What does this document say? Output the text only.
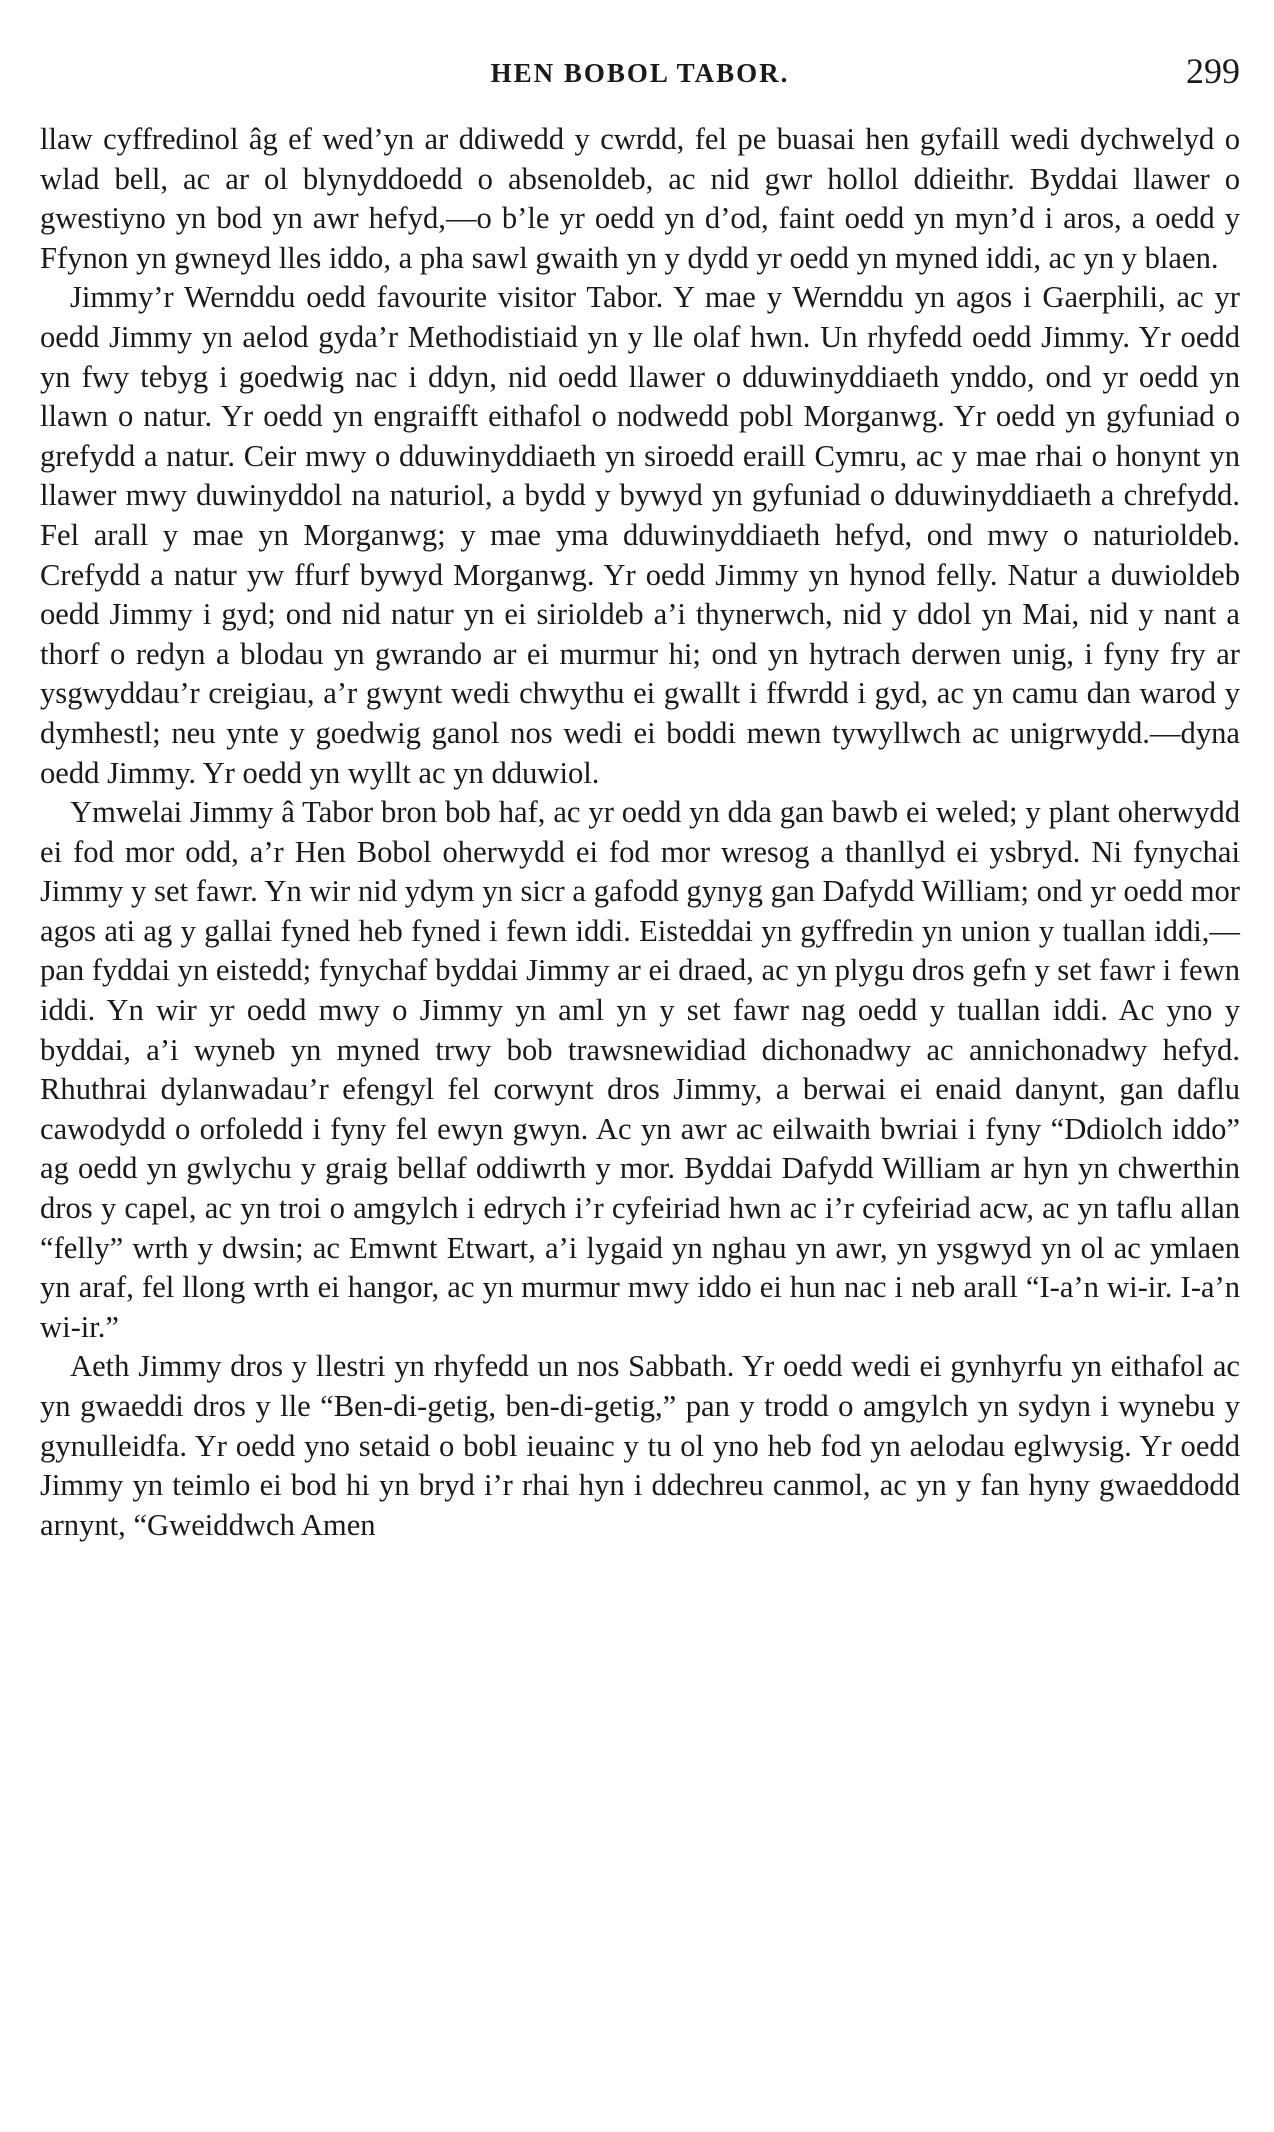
HEN BOBOL TABOR.	299

llaw cyffredinol âg ef wed’yn ar ddiwedd y cwrdd, fel pe buasai hen gyfaill wedi dychwelyd o wlad bell, ac ar ol blynyddoedd o absenoldeb, ac nid gwr hollol ddieithr. Byddai llawer o gwestiyno yn bod yn awr hefyd,—o b’le yr oedd yn d’od, faint oedd yn myn’d i aros, a oedd y Ffynon yn gwneyd lles iddo, a pha sawl gwaith yn y dydd yr oedd yn myned iddi, ac yn y blaen.

Jimmy’r Wernddu oedd favourite visitor Tabor. Y mae y Wernddu yn agos i Gaerphili, ac yr oedd Jimmy yn aelod gyda’r Methodistiaid yn y lle olaf hwn. Un rhyfedd oedd Jimmy. Yr oedd yn fwy tebyg i goedwig nac i ddyn, nid oedd llawer o dduwinyddiaeth ynddo, ond yr oedd yn llawn o natur. Yr oedd yn engraifft eithafol o nodwedd pobl Morganwg. Yr oedd yn gyfuniad o grefydd a natur. Ceir mwy o dduwinyddiaeth yn siroedd eraill Cymru, ac y mae rhai o honynt yn llawer mwy duwinyddol na naturiol, a bydd y bywyd yn gyfuniad o dduwinyddiaeth a chrefydd. Fel arall y mae yn Morganwg; y mae yma dduwinyddiaeth hefyd, ond mwy o naturioldeb. Crefydd a natur yw ffurf bywyd Morganwg. Yr oedd Jimmy yn hynod felly. Natur a duwioldeb oedd Jimmy i gyd; ond nid natur yn ei sirioldeb a’i thynerwch, nid y ddol yn Mai, nid y nant a thorf o redyn a blodau yn gwrando ar ei murmur hi; ond yn hytrach derwen unig, i fyny fry ar ysgwyddau’r creigiau, a’r gwynt wedi chwythu ei gwallt i ffwrdd i gyd, ac yn camu dan warod y dymhestl; neu ynte y goedwig ganol nos wedi ei boddi mewn tywyllwch ac unigrwydd.—dyna oedd Jimmy. Yr oedd yn wyllt ac yn dduwiol.

Ymwelai Jimmy â Tabor bron bob haf, ac yr oedd yn dda gan bawb ei weled; y plant oherwydd ei fod mor odd, a’r Hen Bobol oherwydd ei fod mor wresog a thanllyd ei ysbryd. Ni fynychai Jimmy y set fawr. Yn wir nid ydym yn sicr a gafodd gynyg gan Dafydd William; ond yr oedd mor agos ati ag y gallai fyned heb fyned i fewn iddi. Eisteddai yn gyffredin yn union y tuallan iddi,—pan fyddai yn eistedd; fynychaf byddai Jimmy ar ei draed, ac yn plygu dros gefn y set fawr i fewn iddi. Yn wir yr oedd mwy o Jimmy yn aml yn y set fawr nag oedd y tuallan iddi. Ac yno y byddai, a’i wyneb yn myned trwy bob trawsnewidiad dichonadwy ac annichonadwy hefyd. Rhuthrai dylanwadau’r efengyl fel corwynt dros Jimmy, a berwai ei enaid danynt, gan daflu cawodydd o orfoledd i fyny fel ewyn gwyn. Ac yn awr ac eilwaith bwriai i fyny “Ddiolch iddo” ag oedd yn gwlychu y graig bellaf oddiwrth y mor. Byddai Dafydd William ar hyn yn chwerthin dros y capel, ac yn troi o amgylch i edrych i’r cyfeiriad hwn ac i’r cyfeiriad acw, ac yn taflu allan “felly” wrth y dwsin; ac Emwnt Etwart, a’i lygaid yn nghau yn awr, yn ysgwyd yn ol ac ymlaen yn araf, fel llong wrth ei hangor, ac yn murmur mwy iddo ei hun nac i neb arall “I-a’n wi-ir. I-a’n wi-ir.”

Aeth Jimmy dros y llestri yn rhyfedd un nos Sabbath. Yr oedd wedi ei gynhyrfu yn eithafol ac yn gwaeddi dros y lle “Ben-di-getig, ben-di-getig,” pan y trodd o amgylch yn sydyn i wynebu y gynulleidfa. Yr oedd yno setaid o bobl ieuainc y tu ol yno heb fod yn aelodau eglwysig. Yr oedd Jimmy yn teimlo ei bod hi yn bryd i’r rhai hyn i ddechreu canmol, ac yn y fan hyny gwaeddodd arnynt, “Gweiddwch Amen
